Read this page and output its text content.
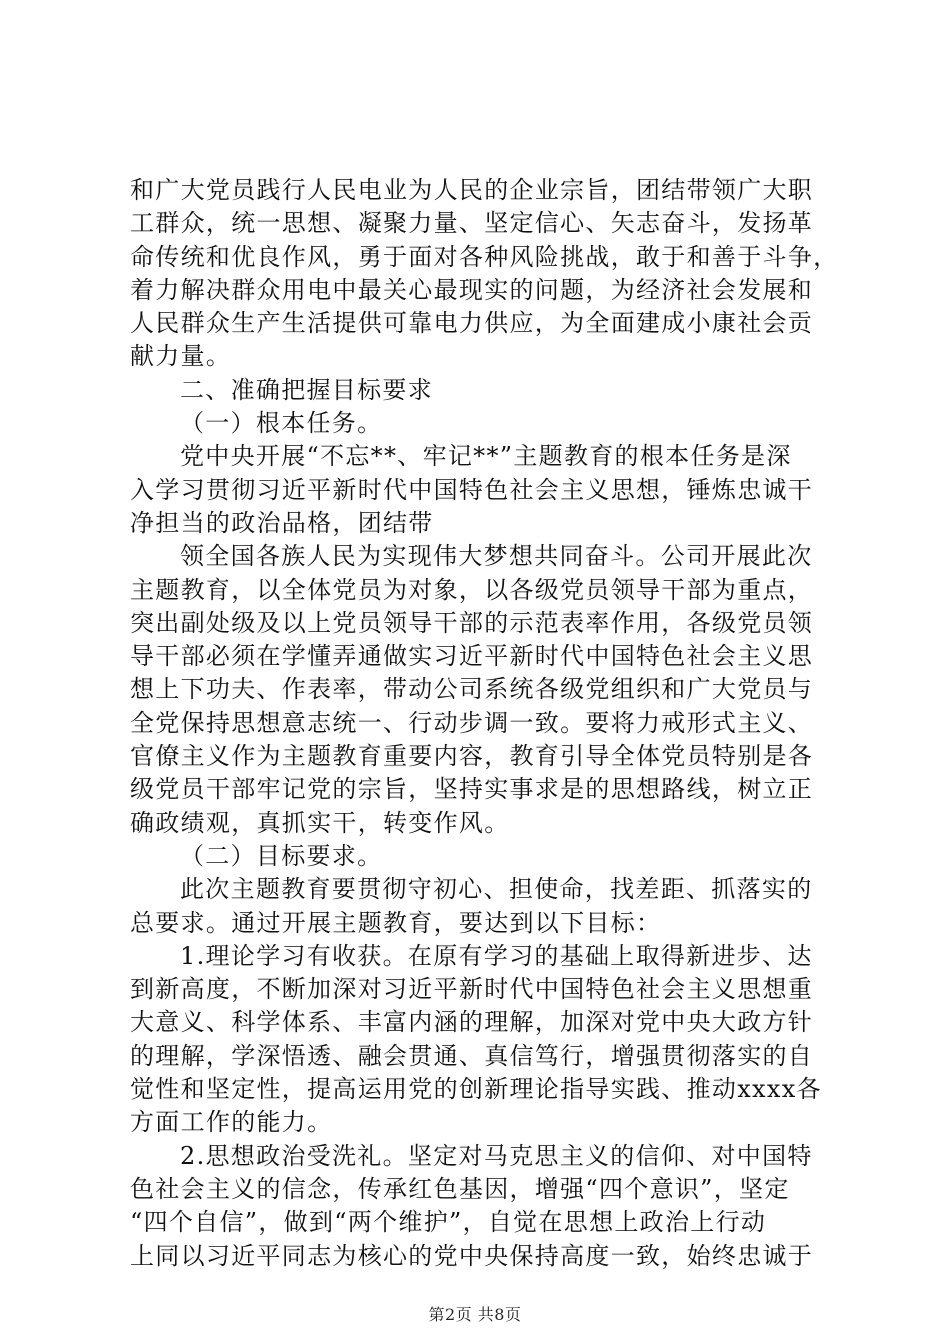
和广大党员践行人民电业为人民的企业宗旨，团结带领广大职
工群众，统一思想、凝聚力量、坚定信心、矢志奋斗，发扬革
命传统和优良作风，勇于面对各种风险挑战，敢于和善于斗争，
着力解决群众用电中最关心最现实的问题，为经济社会发展和
人民群众生产生活提供可靠电力供应，为全面建成小康社会贡
献力量。
二、准确把握目标要求
（一）根本任务。
党中央开展“不忘**、牢记**”主题教育的根本任务是深
入学习贯彻习近平新时代中国特色社会主义思想，锤炼忠诚干
净担当的政治品格，团结带
领全国各族人民为实现伟大梦想共同奋斗。公司开展此次
主题教育，以全体党员为对象，以各级党员领导干部为重点，
突出副处级及以上党员领导干部的示范表率作用，各级党员领
导干部必须在学懂弄通做实习近平新时代中国特色社会主义思
想上下功夫、作表率，带动公司系统各级党组织和广大党员与
全党保持思想意志统一、行动步调一致。要将力戒形式主义、
官僚主义作为主题教育重要内容，教育引导全体党员特别是各
级党员干部牢记党的宗旨，坚持实事求是的思想路线，树立正
确政绩观，真抓实干，转变作风。
（二）目标要求。
此次主题教育要贯彻守初心、担使命，找差距、抓落实的
总要求。通过开展主题教育，要达到以下目标：
1.理论学习有收获。在原有学习的基础上取得新进步、达
到新高度，不断加深对习近平新时代中国特色社会主义思想重
大意义、科学体系、丰富内涵的理解，加深对党中央大政方针
的理解，学深悟透、融会贯通、真信笃行，增强贯彻落实的自
觉性和坚定性，提高运用党的创新理论指导实践、推动xxxx各
方面工作的能力。
2.思想政治受洗礼。坚定对马克思主义的信仰、对中国特
色社会主义的信念，传承红色基因，增强“四个意识”，坚定
“四个自信”，做到“两个维护”，自觉在思想上政治上行动
上同以习近平同志为核心的党中央保持高度一致，始终忠诚于
第2页 共8页
